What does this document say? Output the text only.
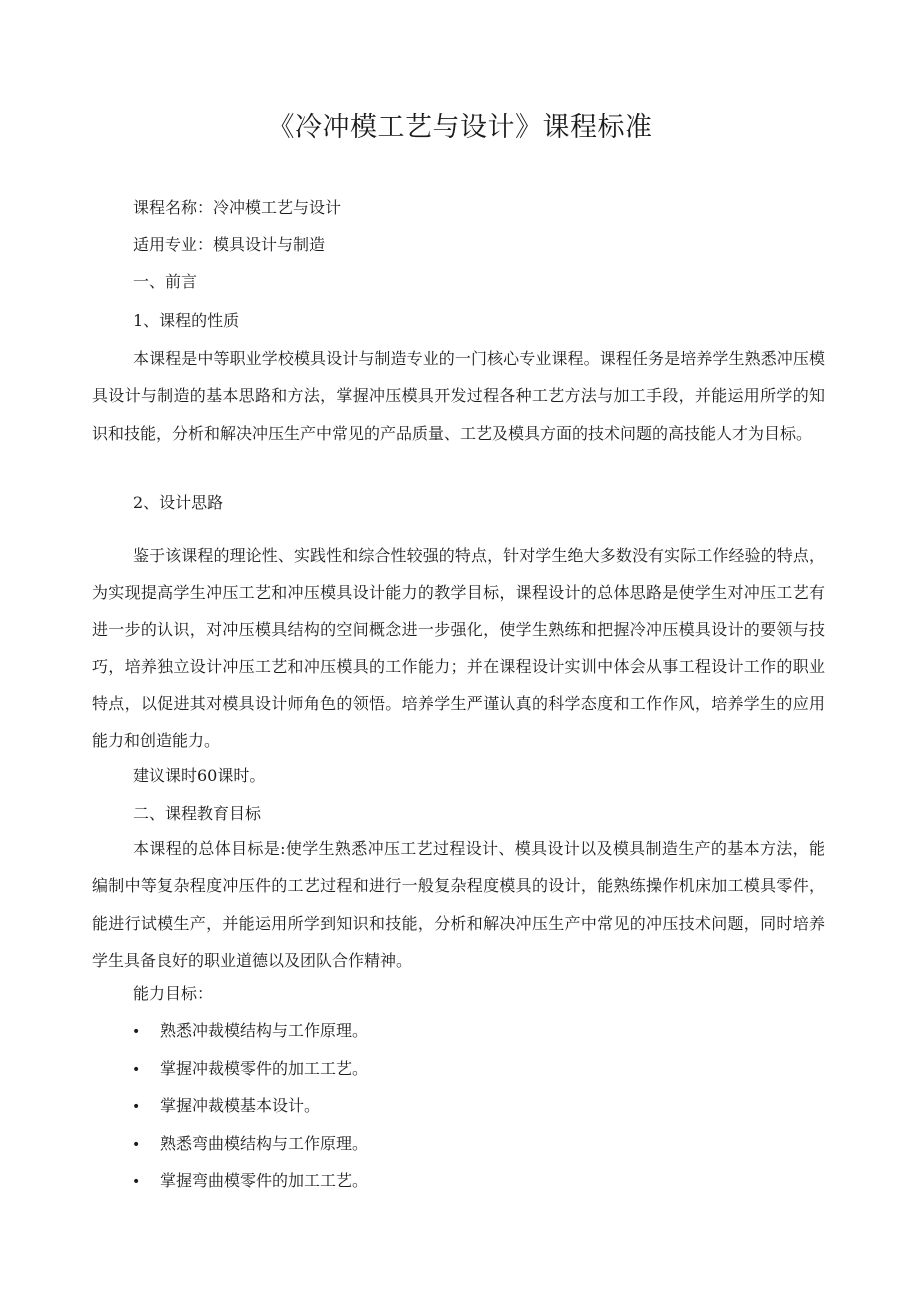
《冷冲模工艺与设计》课程标准
课程名称：冷冲模工艺与设计
适用专业：模具设计与制造
一、前言
1、课程的性质

本课程是中等职业学校模具设计与制造专业的一门核心专业课程。课程任务是培养学生熟悉冲压模具设计与制造的基本思路和方法，掌握冲压模具开发过程各种工艺方法与加工手段，并能运用所学的知识和技能，分析和解决冲压生产中常见的产品质量、工艺及模具方面的技术问题的高技能人才为目标。

2、设计思路

鉴于该课程的理论性、实践性和综合性较强的特点，针对学生绝大多数没有实际工作经验的特点，为实现提高学生冲压工艺和冲压模具设计能力的教学目标，课程设计的总体思路是使学生对冲压工艺有进一步的认识，对冲压模具结构的空间概念进一步强化，使学生熟练和把握冷冲压模具设计的要领与技巧，培养独立设计冲压工艺和冲压模具的工作能力；并在课程设计实训中体会从事工程设计工作的职业特点，以促进其对模具设计师角色的领悟。培养学生严谨认真的科学态度和工作作风，培养学生的应用能力和创造能力。

建议课时60课时。
二、课程教育目标

本课程的总体目标是:使学生熟悉冲压工艺过程设计、模具设计以及模具制造生产的基本方法，能编制中等复杂程度冲压件的工艺过程和进行一般复杂程度模具的设计，能熟练操作机床加工模具零件，能进行试模生产，并能运用所学到知识和技能，分析和解决冲压生产中常见的冲压技术问题，同时培养学生具备良好的职业道德以及团队合作精神。

能力目标：
• 熟悉冲裁模结构与工作原理。
• 掌握冲裁模零件的加工工艺。
• 掌握冲裁模基本设计。
• 熟悉弯曲模结构与工作原理。
• 掌握弯曲模零件的加工工艺。
